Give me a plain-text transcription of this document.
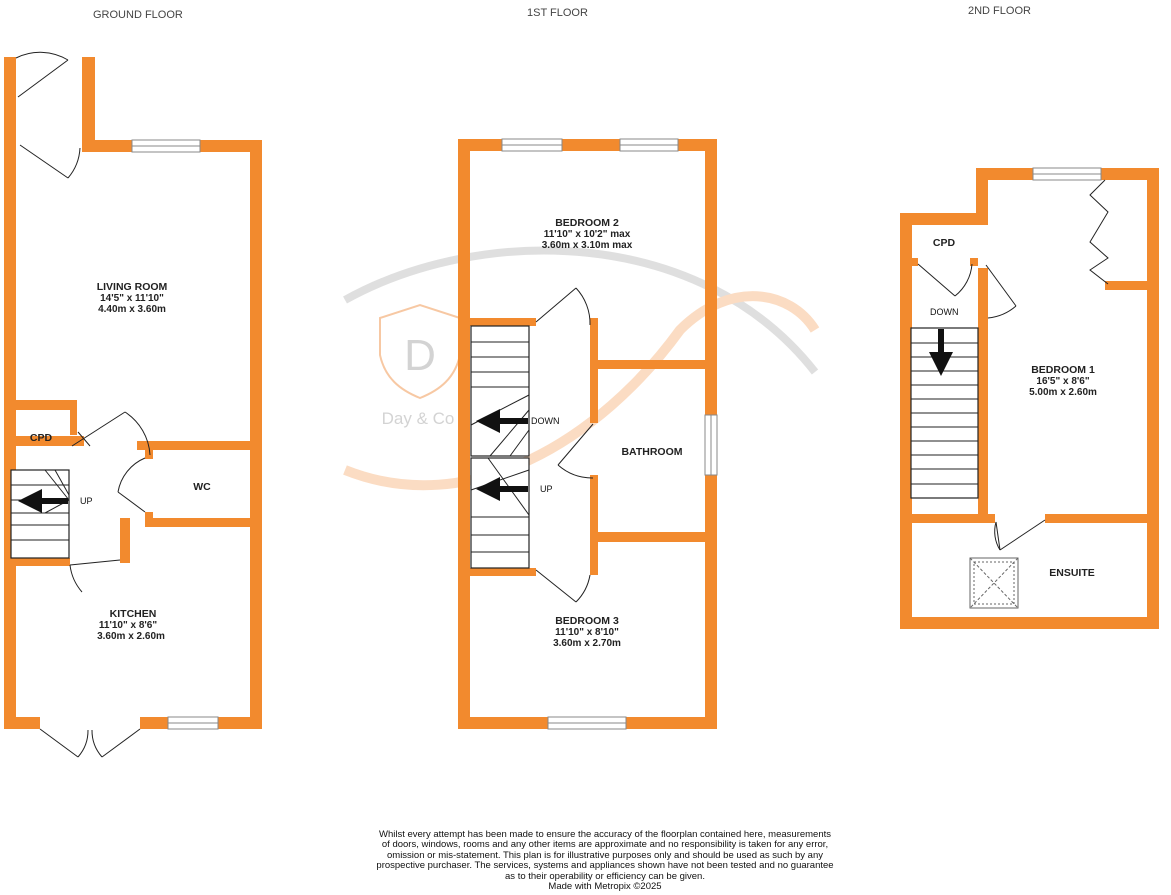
GROUND FLOOR	1ST FLOOR	2ND FLOOR
D
Day & Co
LIVING ROOM
14'5" x 11'10"
4.40m x 3.60m
CPD
WC
KITCHEN
11'10" x 8'6"
3.60m x 2.60m
BEDROOM 2
11'10" x 10'2" max
3.60m x 3.10m max
BATHROOM
BEDROOM 3
11'10" x 8'10"
3.60m x 2.70m
CPD
BEDROOM 1
16'5" x 8'6"
5.00m x 2.60m
ENSUITE
UP
DOWN
UP
DOWN
Whilst every attempt has been made to ensure the accuracy of the floorplan contained here, measurements
of doors, windows, rooms and any other items are approximate and no responsibility is taken for any error,
omission or mis-statement. This plan is for illustrative purposes only and should be used as such by any
prospective purchaser. The services, systems and appliances shown have not been tested and no guarantee
as to their operability or efficiency can be given.
Made with Metropix ©2025
